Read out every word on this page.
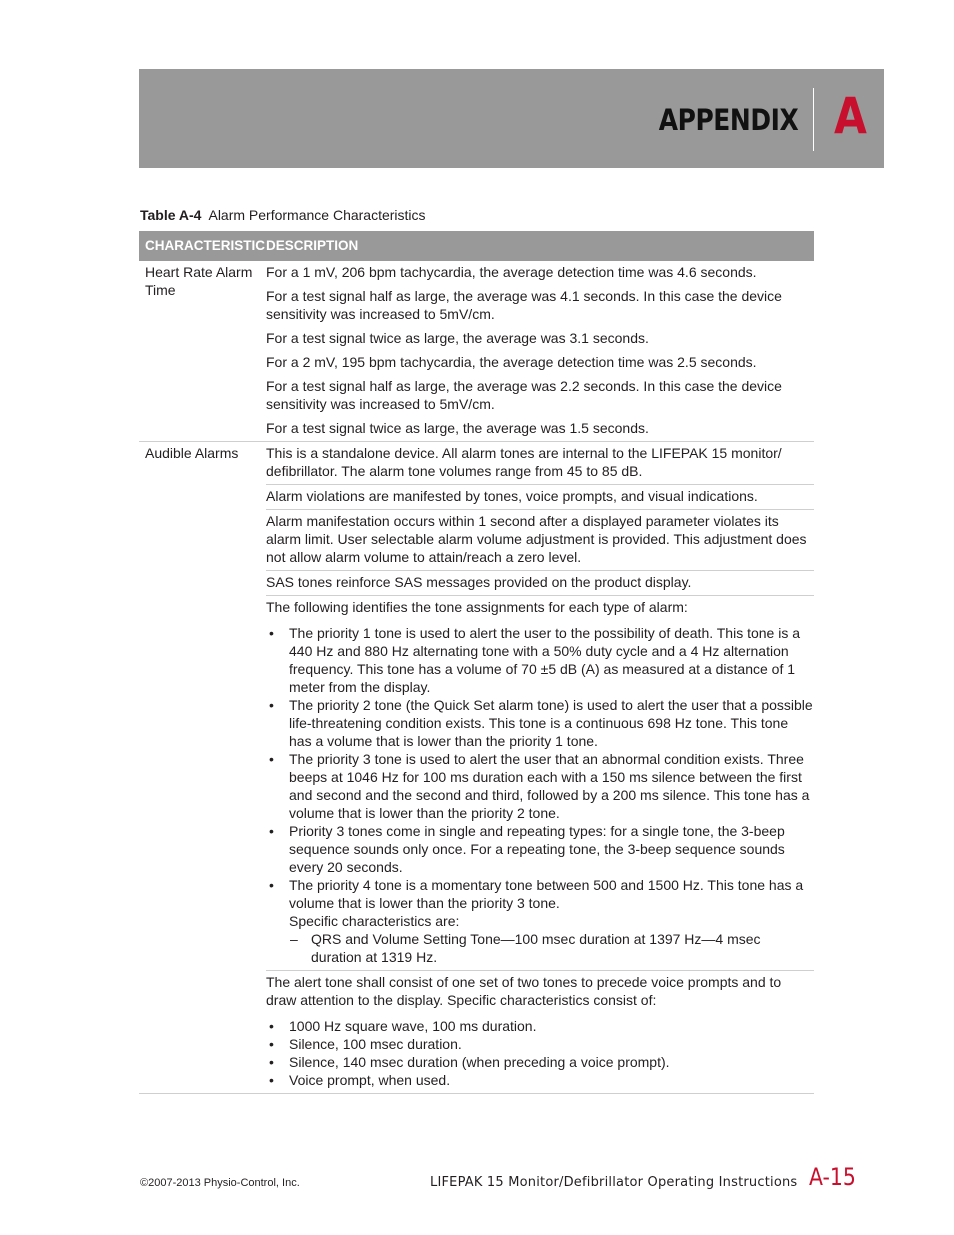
APPENDIX A
Table A-4 Alarm Performance Characteristics
CHARACTERISTIC DESCRIPTION
Heart Rate Alarm Time

For a 1 mV, 206 bpm tachycardia, the average detection time was 4.6 seconds.

For a test signal half as large, the average was 4.1 seconds. In this case the device sensitivity was increased to 5mV/cm.

For a test signal twice as large, the average was 3.1 seconds.

For a 2 mV, 195 bpm tachycardia, the average detection time was 2.5 seconds.

For a test signal half as large, the average was 2.2 seconds. In this case the device sensitivity was increased to 5mV/cm.

For a test signal twice as large, the average was 1.5 seconds.

Audible Alarms	This is a standalone device. All alarm tones are internal to the LIFEPAK 15 monitor/ defibrillator. The alarm tone volumes range from 45 to 85 dB.

Alarm violations are manifested by tones, voice prompts, and visual indications.

Alarm manifestation occurs within 1 second after a displayed parameter violates its alarm limit. User selectable alarm volume adjustment is provided. This adjustment does not allow alarm volume to attain/reach a zero level.

SAS tones reinforce SAS messages provided on the product display.

The following identifies the tone assignments for each type of alarm:

• The priority 1 tone is used to alert the user to the possibility of death. This tone is a 440 Hz and 880 Hz alternating tone with a 50% duty cycle and a 4 Hz alternation frequency. This tone has a volume of 70 ±5 dB (A) as measured at a distance of 1 meter from the display.
• The priority 2 tone (the Quick Set alarm tone) is used to alert the user that a possible life-threatening condition exists. This tone is a continuous 698 Hz tone. This tone has a volume that is lower than the priority 1 tone.
• The priority 3 tone is used to alert the user that an abnormal condition exists. Three beeps at 1046 Hz for 100 ms duration each with a 150 ms silence between the first and second and the second and third, followed by a 200 ms silence. This tone has a volume that is lower than the priority 2 tone.
• Priority 3 tones come in single and repeating types: for a single tone, the 3-beep sequence sounds only once. For a repeating tone, the 3-beep sequence sounds every 20 seconds.
• The priority 4 tone is a momentary tone between 500 and 1500 Hz. This tone has a volume that is lower than the priority 3 tone.
Specific characteristics are:
– QRS and Volume Setting Tone—100 msec duration at 1397 Hz—4 msec duration at 1319 Hz.

The alert tone shall consist of one set of two tones to precede voice prompts and to draw attention to the display. Specific characteristics consist of:

• 1000 Hz square wave, 100 ms duration.
• Silence, 100 msec duration.
• Silence, 140 msec duration (when preceding a voice prompt).
• Voice prompt, when used.
©2007-2013 Physio-Control, Inc.	LIFEPAK 15 Monitor/Defibrillator Operating Instructions A-15
